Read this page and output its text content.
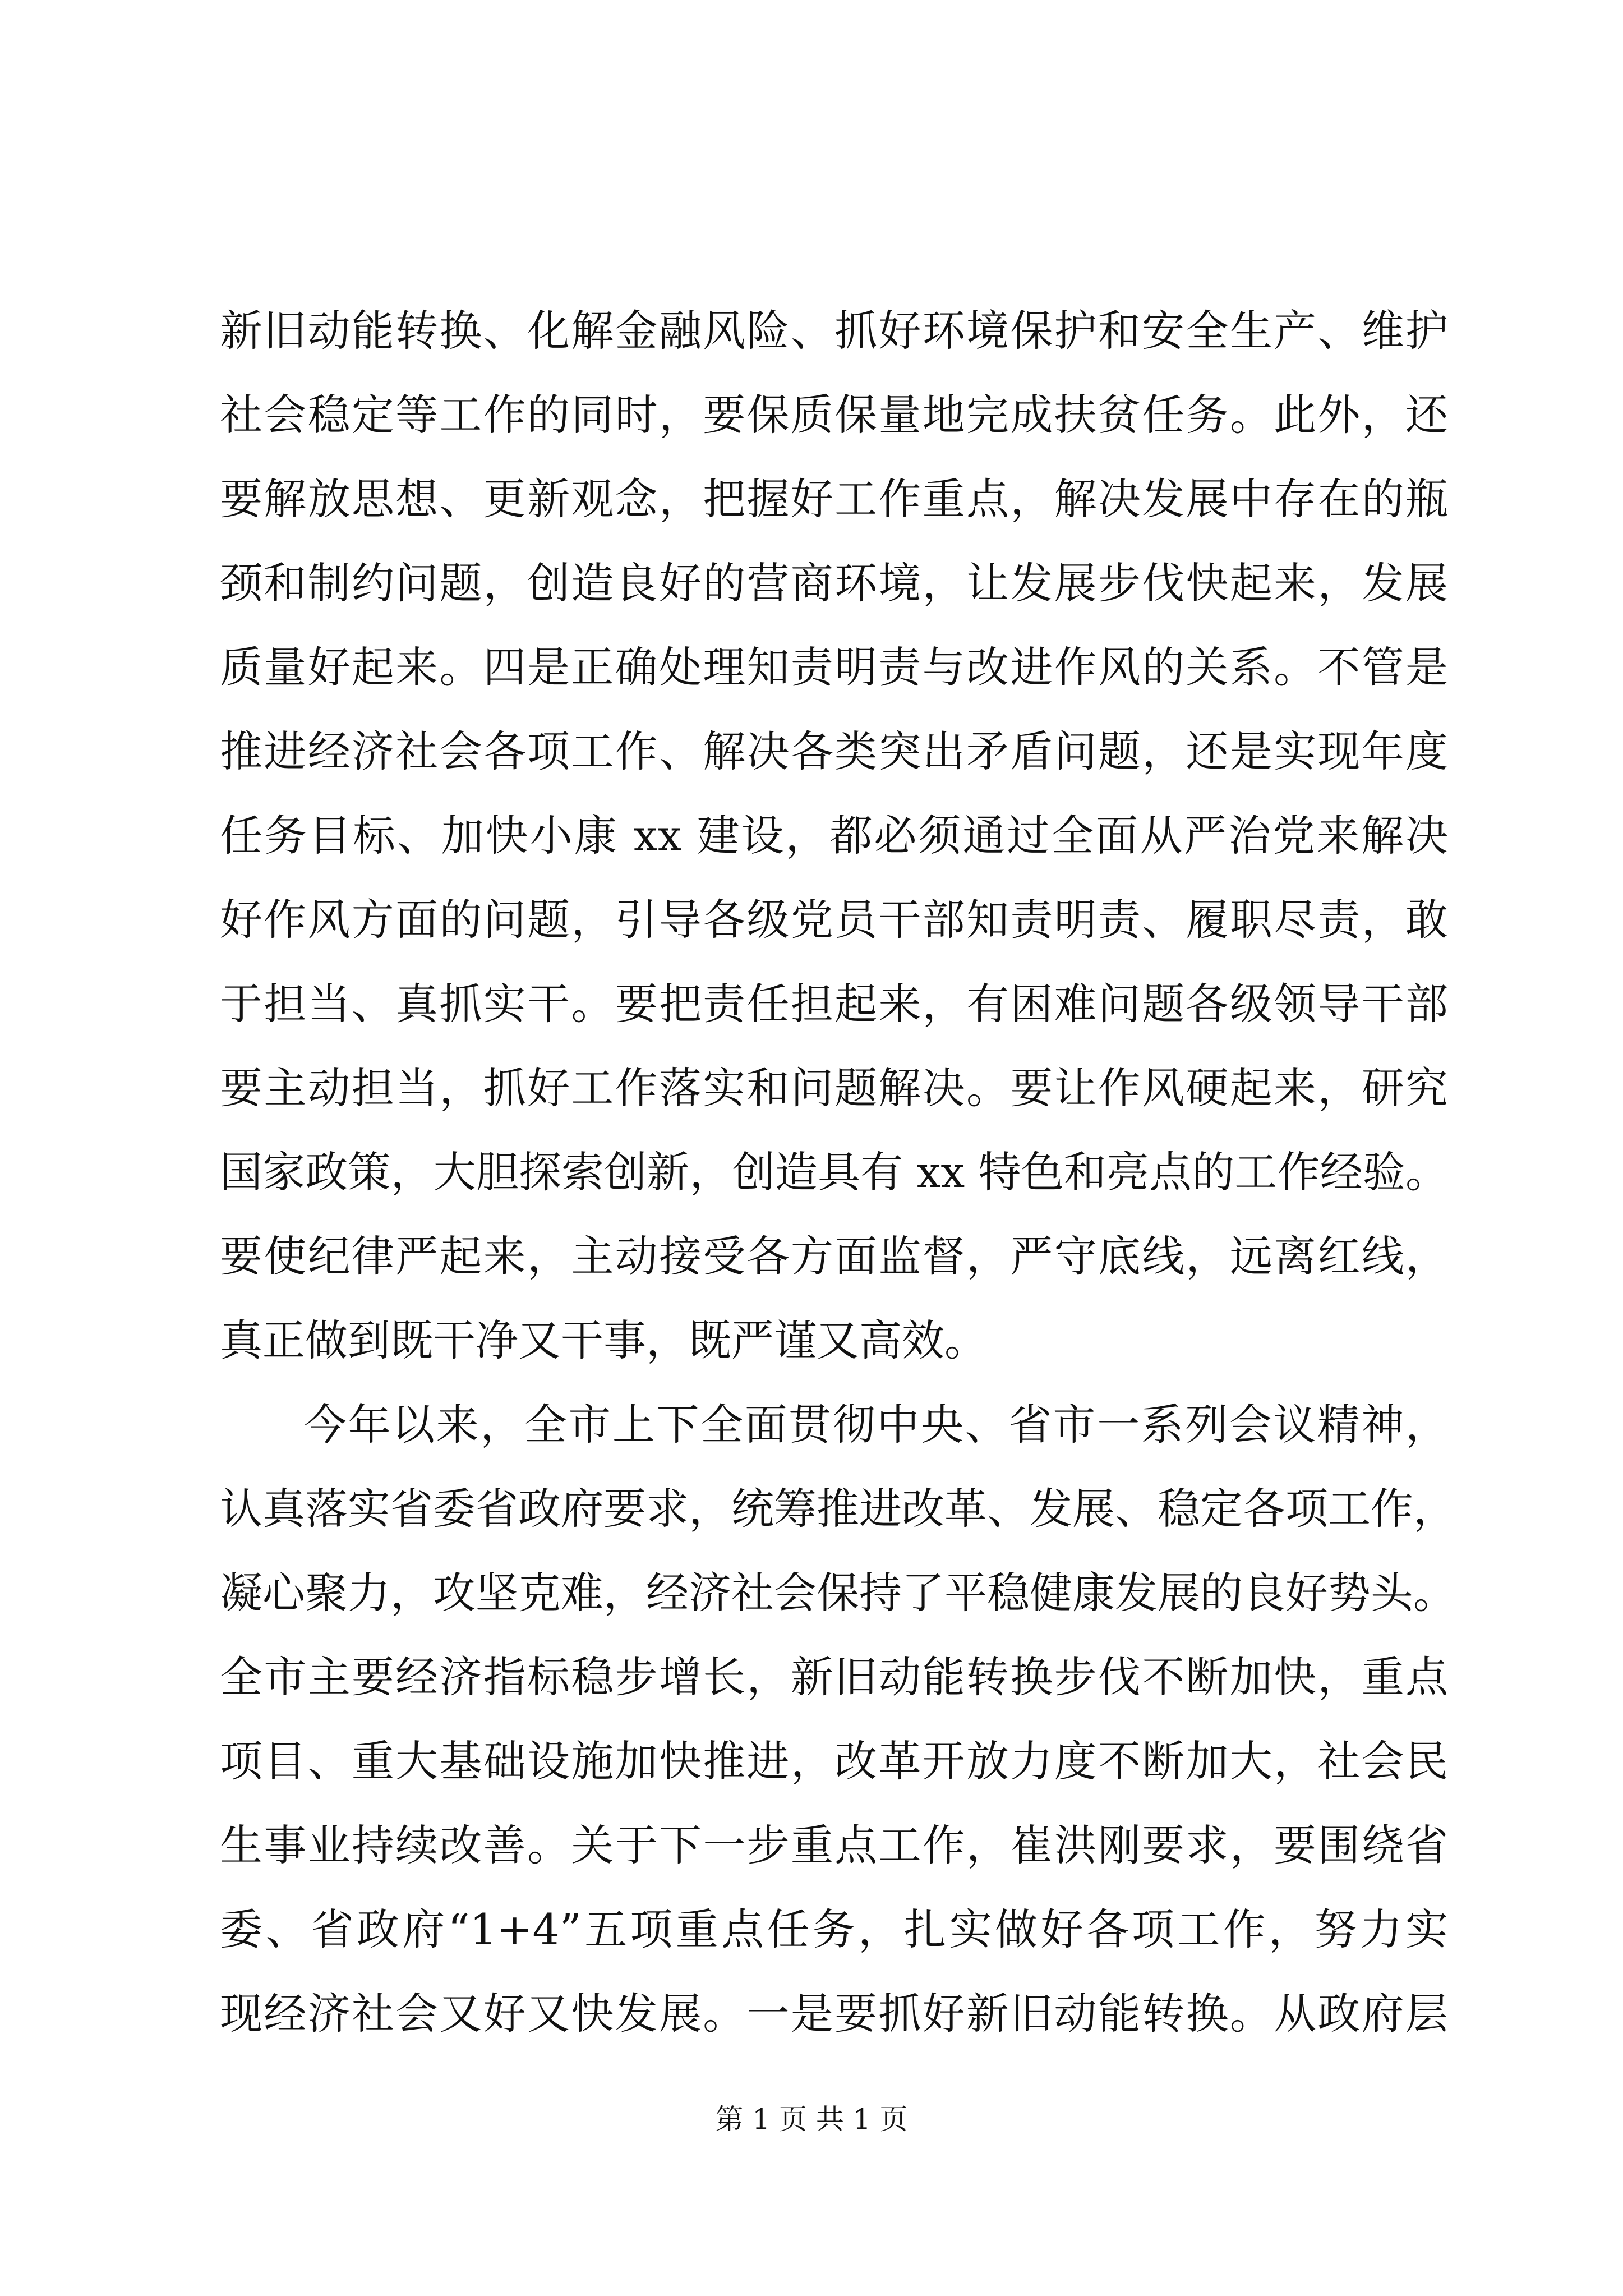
新旧动能转换、化解金融风险、抓好环境保护和安全生产、维护
社会稳定等工作的同时，要保质保量地完成扶贫任务。此外，还
要解放思想、更新观念，把握好工作重点，解决发展中存在的瓶
颈和制约问题，创造良好的营商环境，让发展步伐快起来，发展
质量好起来。四是正确处理知责明责与改进作风的关系。不管是
推进经济社会各项工作、解决各类突出矛盾问题，还是实现年度
任务目标、加快小康 xx 建设，都必须通过全面从严治党来解决
好作风方面的问题，引导各级党员干部知责明责、履职尽责，敢
于担当、真抓实干。要把责任担起来，有困难问题各级领导干部
要主动担当，抓好工作落实和问题解决。要让作风硬起来，研究
国家政策，大胆探索创新，创造具有 xx 特色和亮点的工作经验。
要使纪律严起来，主动接受各方面监督，严守底线，远离红线，
真正做到既干净又干事，既严谨又高效。
今年以来，全市上下全面贯彻中央、省市一系列会议精神，
认真落实省委省政府要求，统筹推进改革、发展、稳定各项工作，
凝心聚力，攻坚克难，经济社会保持了平稳健康发展的良好势头。
全市主要经济指标稳步增长，新旧动能转换步伐不断加快，重点
项目、重大基础设施加快推进，改革开放力度不断加大，社会民
生事业持续改善。关于下一步重点工作，崔洪刚要求，要围绕省
委、省政府“1+4”五项重点任务，扎实做好各项工作，努力实
现经济社会又好又快发展。一是要抓好新旧动能转换。从政府层
第 1 页 共 1 页
